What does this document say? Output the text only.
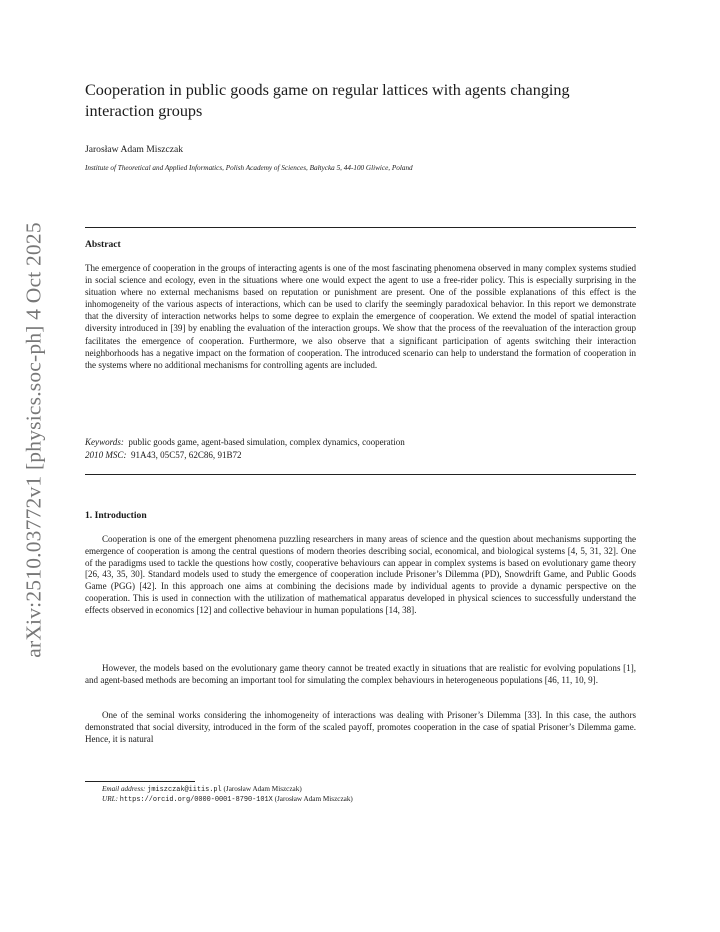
arXiv:2510.03772v1 [physics.soc-ph] 4 Oct 2025
Cooperation in public goods game on regular lattices with agents changing interaction groups
Jarosław Adam Miszczak
Institute of Theoretical and Applied Informatics, Polish Academy of Sciences, Bałtycka 5, 44-100 Gliwice, Poland
Abstract

The emergence of cooperation in the groups of interacting agents is one of the most fascinating phenomena observed in many complex systems studied in social science and ecology, even in the situations where one would expect the agent to use a free-rider policy. This is especially surprising in the situation where no external mechanisms based on reputation or punishment are present. One of the possible explanations of this effect is the inhomogeneity of the various aspects of interactions, which can be used to clarify the seemingly paradoxical behavior. In this report we demonstrate that the diversity of interaction networks helps to some degree to explain the emergence of cooperation. We extend the model of spatial interaction diversity introduced in [39] by enabling the evaluation of the interaction groups. We show that the process of the reevaluation of the interaction group facilitates the emergence of cooperation. Furthermore, we also observe that a significant participation of agents switching their interaction neighborhoods has a negative impact on the formation of cooperation. The introduced scenario can help to understand the formation of cooperation in the systems where no additional mechanisms for controlling agents are included.

Keywords: public goods game, agent-based simulation, complex dynamics, cooperation
2010 MSC: 91A43, 05C57, 62C86, 91B72
1. Introduction

Cooperation is one of the emergent phenomena puzzling researchers in many areas of science and the question about mechanisms supporting the emergence of cooperation is among the central questions of modern theories describing social, economical, and biological systems [4, 5, 31, 32]. One of the paradigms used to tackle the questions how costly, cooperative behaviours can appear in complex systems is based on evolutionary game theory [26, 43, 35, 30]. Standard models used to study the emergence of cooperation include Prisoner’s Dilemma (PD), Snowdrift Game, and Public Goods Game (PGG) [42]. In this approach one aims at combining the decisions made by individual agents to provide a dynamic perspective on the cooperation. This is used in connection with the utilization of mathematical apparatus developed in physical sciences to successfully understand the effects observed in economics [12] and collective behaviour in human populations [14, 38].

However, the models based on the evolutionary game theory cannot be treated exactly in situations that are realistic for evolving populations [1], and agent-based methods are becoming an important tool for simulating the complex behaviours in heterogeneous populations [46, 11, 10, 9].

One of the seminal works considering the inhomogeneity of interactions was dealing with Prisoner’s Dilemma [33]. In this case, the authors demonstrated that social diversity, introduced in the form of the scaled payoff, promotes cooperation in the case of spatial Prisoner’s Dilemma game. Hence, it is natural

Email address: jmiszczak@iitis.pl (Jarosław Adam Miszczak)
URL: https://orcid.org/0000-0001-8790-101X (Jarosław Adam Miszczak)
